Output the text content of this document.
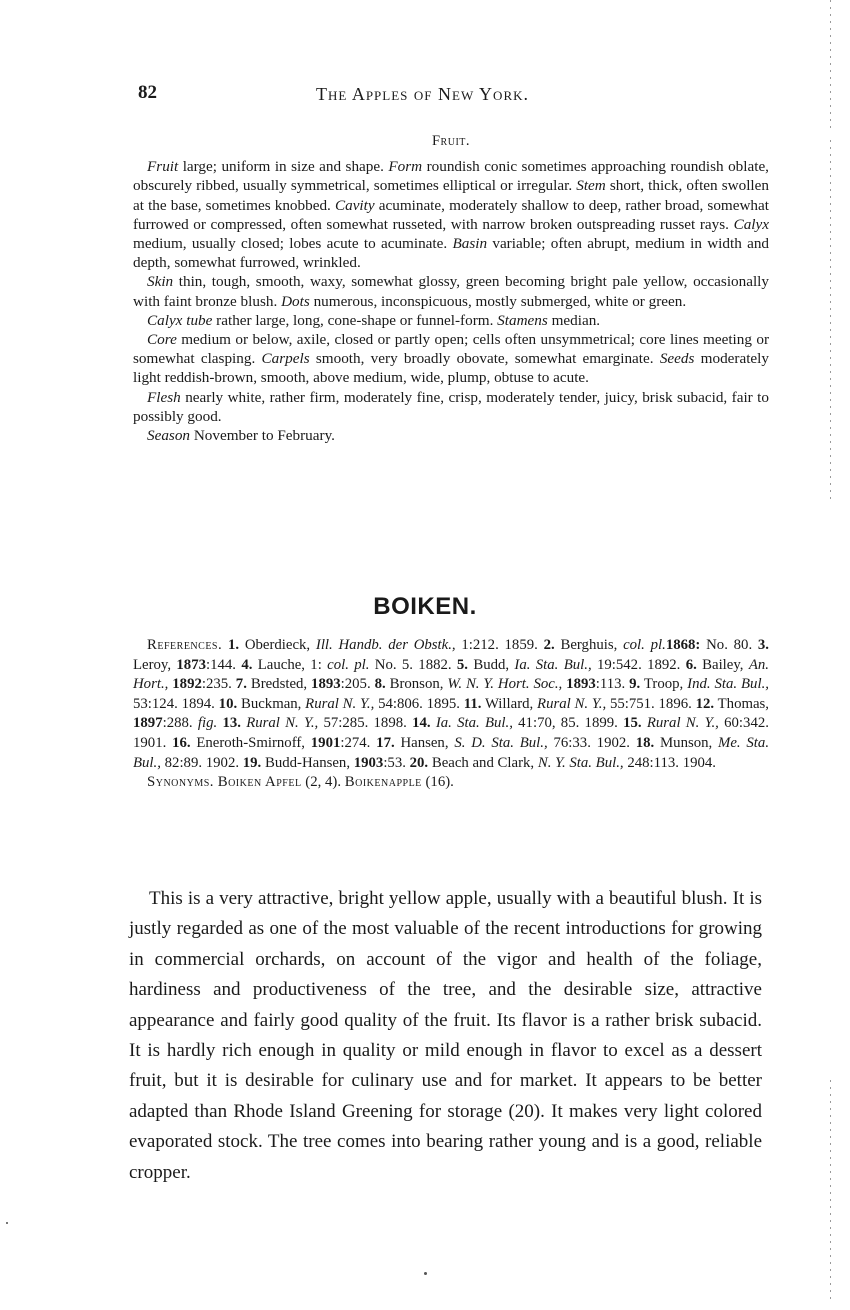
82	The Apples of New York.
Fruit.

Fruit large; uniform in size and shape. Form roundish conic sometimes approaching roundish oblate, obscurely ribbed, usually symmetrical, sometimes elliptical or irregular. Stem short, thick, often swollen at the base, sometimes knobbed. Cavity acuminate, moderately shallow to deep, rather broad, somewhat furrowed or compressed, often somewhat russeted, with narrow broken outspreading russet rays. Calyx medium, usually closed; lobes acute to acuminate. Basin variable; often abrupt, medium in width and depth, somewhat furrowed, wrinkled.

Skin thin, tough, smooth, waxy, somewhat glossy, green becoming bright pale yellow, occasionally with faint bronze blush. Dots numerous, inconspicuous, mostly submerged, white or green.

Calyx tube rather large, long, cone-shape or funnel-form. Stamens median.

Core medium or below, axile, closed or partly open; cells often unsymmetrical; core lines meeting or somewhat clasping. Carpels smooth, very broadly obovate, somewhat emarginate. Seeds moderately light reddish-brown, smooth, above medium, wide, plump, obtuse to acute.

Flesh nearly white, rather firm, moderately fine, crisp, moderately tender, juicy, brisk subacid, fair to possibly good.

Season November to February.

BOIKEN.

References. 1. Oberdieck, Ill. Handb. der Obstk., 1:212. 1859. 2. Berghuis, col. pl.1868: No. 80. 3. Leroy, 1873:144. 4. Lauche, 1: col. pl. No. 5. 1882. 5. Budd, Ia. Sta. Bul., 19:542. 1892. 6. Bailey, An. Hort., 1892:235. 7. Bredsted, 1893:205. 8. Bronson, W. N. Y. Hort. Soc., 1893:113. 9. Troop, Ind. Sta. Bul., 53:124. 1894. 10. Buckman, Rural N. Y., 54:806. 1895. 11. Willard, Rural N. Y., 55:751. 1896. 12. Thomas, 1897:288. fig. 13. Rural N. Y., 57:285. 1898. 14. Ia. Sta. Bul., 41:70, 85. 1899. 15. Rural N. Y., 60:342. 1901. 16. Eneroth-Smirnoff, 1901:274. 17. Hansen, S. D. Sta. Bul., 76:33. 1902. 18. Munson, Me. Sta. Bul., 82:89. 1902. 19. Budd-Hansen, 1903:53. 20. Beach and Clark, N. Y. Sta. Bul., 248:113. 1904.

Synonyms. Boiken Apfel (2, 4). Boikenapple (16).

This is a very attractive, bright yellow apple, usually with a beautiful blush. It is justly regarded as one of the most valuable of the recent introductions for growing in commercial orchards, on account of the vigor and health of the foliage, hardiness and productiveness of the tree, and the desirable size, attractive appearance and fairly good quality of the fruit. Its flavor is a rather brisk subacid. It is hardly rich enough in quality or mild enough in flavor to excel as a dessert fruit, but it is desirable for culinary use and for market. It appears to be better adapted than Rhode Island Greening for storage (20). It makes very light colored evaporated stock. The tree comes into bearing rather young and is a good, reliable cropper.
